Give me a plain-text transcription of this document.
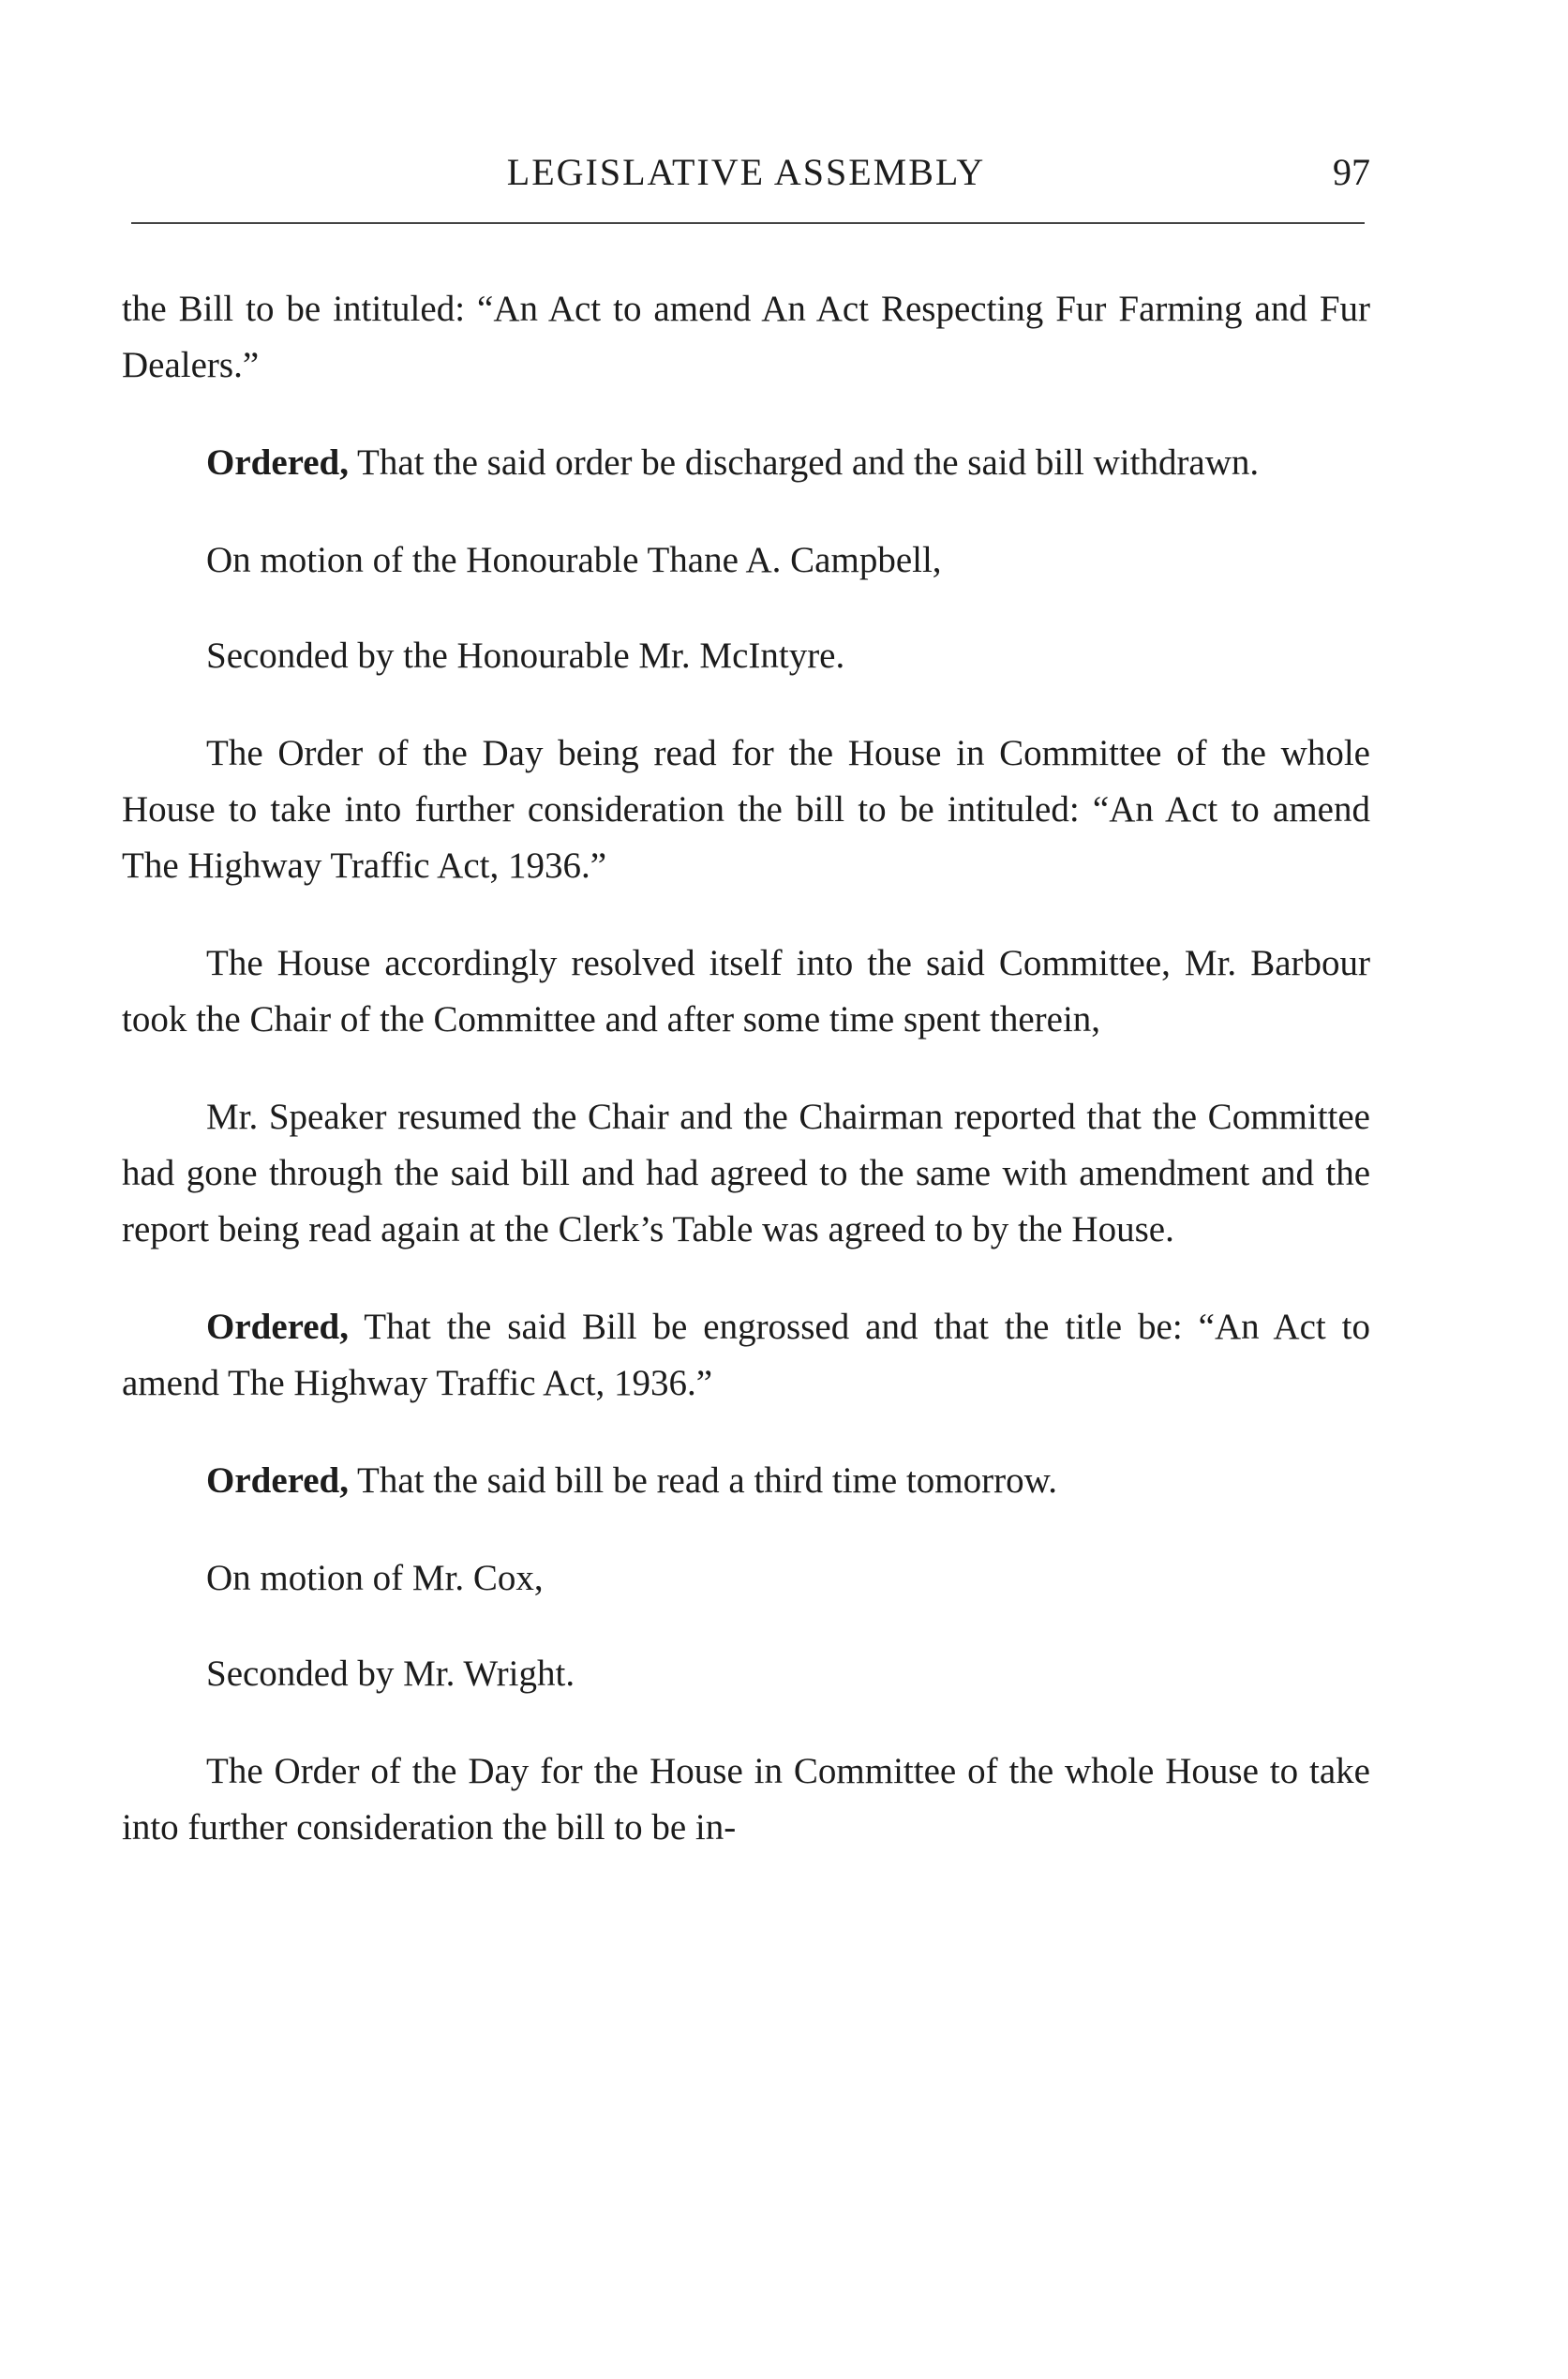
LEGISLATIVE ASSEMBLY	97

the Bill to be intituled: “An Act to amend An Act Respecting Fur Farming and Fur Dealers.”

Ordered, That the said order be discharged and the said bill withdrawn.

On motion of the Honourable Thane A. Campbell,

Seconded by the Honourable Mr. McIntyre.

The Order of the Day being read for the House in Committee of the whole House to take into further consideration the bill to be intituled: “An Act to amend The Highway Traffic Act, 1936.”

The House accordingly resolved itself into the said Committee, Mr. Barbour took the Chair of the Committee and after some time spent therein,

Mr. Speaker resumed the Chair and the Chairman reported that the Committee had gone through the said bill and had agreed to the same with amendment and the report being read again at the Clerk’s Table was agreed to by the House.

Ordered, That the said Bill be engrossed and that the title be: “An Act to amend The Highway Traffic Act, 1936.”

Ordered, That the said bill be read a third time tomorrow.

On motion of Mr. Cox,

Seconded by Mr. Wright.

The Order of the Day for the House in Committee of the whole House to take into further consideration the bill to be in-
